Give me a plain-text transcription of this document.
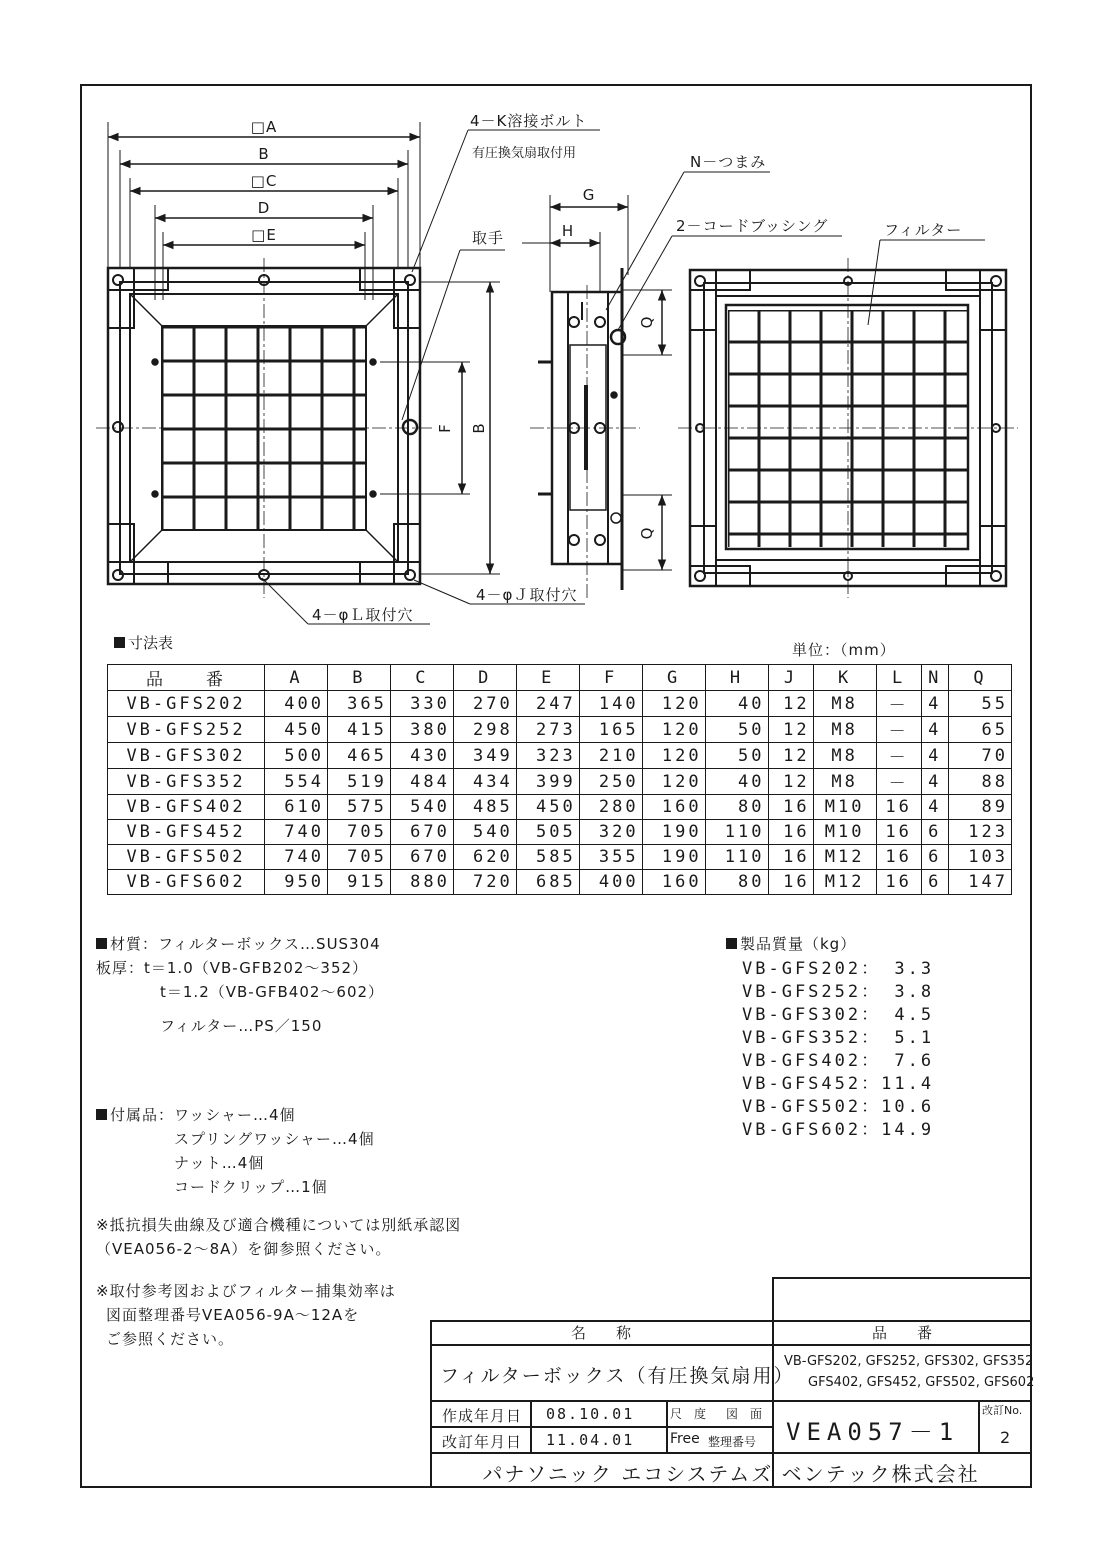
□A
B
□C
D
□E
F B
G
H
Q
Q
4－K溶接ボルト
有圧換気扇取付用	N－つまみ
取手
2－コードブッシング	フィルター
4－φＬ取付穴
4－φＪ取付穴
寸法表	単位：（mm）
品　　番	A	B	C	D	E	F	G	H	J	K	L	N	Q
VB-GFS202	400	365	330	270	247	140	120	40	12	M8	－	4	55
VB-GFS252	450	415	380	298	273	165	120	50	12	M8	－	4	65
VB-GFS302	500	465	430	349	323	210	120	50	12	M8	－	4	70
VB-GFS352	554	519	484	434	399	250	120	40	12	M8	－	4	88
VB-GFS402	610	575	540	485	450	280	160	80	16	M10	16	4	89
VB-GFS452	740	705	670	540	505	320	190	110	16	M10	16	6	123
VB-GFS502	740	705	670	620	585	355	190	110	16	M12	16	6	103
VB-GFS602	950	915	880	720	685	400	160	80	16	M12	16	6	147
材質：フィルターボックス…SUS304
板厚：t＝1.0（VB-GFB202～352）
t＝1.2（VB-GFB402～602）
フィルター…PS／150
付属品：ワッシャー…4個
スプリングワッシャー…4個
ナット…4個
コードクリップ…1個
※抵抗損失曲線及び適合機種については別紙承認図
（VEA056-2～8A）を御参照ください。
※取付参考図およびフィルター捕集効率は
図面整理番号VEA056-9A～12Aを
ご参照ください。
製品質量（kg）
VB-GFS202： 3.3
VB-GFS252： 3.8
VB-GFS302： 4.5
VB-GFS352： 5.1
VB-GFS402： 7.6
VB-GFS452：11.4
VB-GFS502：10.6
VB-GFS602：14.9
名　　称	品　　番
フィルターボックス（有圧換気扇用）
VB-GFS202, GFS252, GFS302, GFS352
GFS402, GFS452, GFS502, GFS602
作成年月日 08.10.01
改訂年月日 11.04.01
尺　度 図　面
Free 整理番号 VEA057－1
改訂No.
2
パナソニック エコシステムズ ベンテック株式会社
